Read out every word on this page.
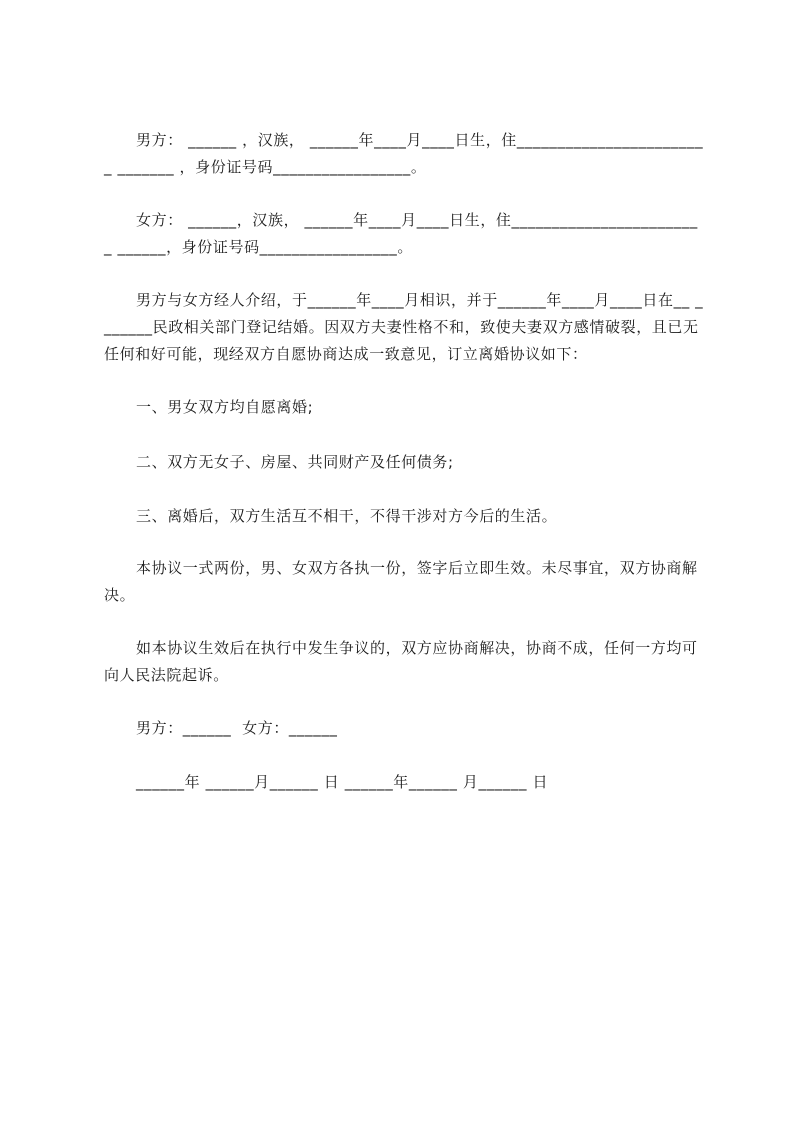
男方： ______ ，汉族， ______年____月____日生，住________________________ _______ ，身份证号码_________________。

女方： ______，汉族， ______年____月____日生，住________________________ ______，身份证号码_________________。

男方与女方经人介绍，于______年____月相识，并于______年____月____日在__ _______民政相关部门登记结婚。因双方夫妻性格不和，致使夫妻双方感情破裂，且已无任何和好可能，现经双方自愿协商达成一致意见，订立离婚协议如下：

一、男女双方均自愿离婚;

二、双方无女子、房屋、共同财产及任何债务;

三、离婚后，双方生活互不相干，不得干涉对方今后的生活。

本协议一式两份，男、女双方各执一份，签字后立即生效。未尽事宜，双方协商解决。

如本协议生效后在执行中发生争议的，双方应协商解决，协商不成，任何一方均可向人民法院起诉。

男方：______  女方：______

______年 ______月______ 日 ______年______ 月______ 日
